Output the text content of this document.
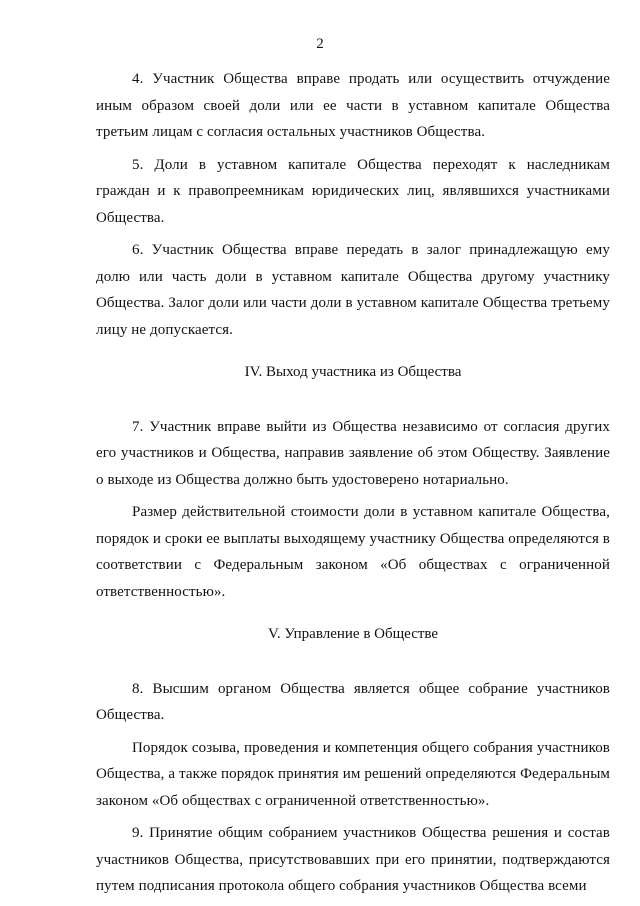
2

4. Участник Общества вправе продать или осуществить отчуждение иным образом своей доли или ее части в уставном капитале Общества третьим лицам с согласия остальных участников Общества.

5. Доли в уставном капитале Общества переходят к наследникам граждан и к правопреемникам юридических лиц, являвшихся участниками Общества.

6. Участник Общества вправе передать в залог принадлежащую ему долю или часть доли в уставном капитале Общества другому участнику Общества. Залог доли или части доли в уставном капитале Общества третьему лицу не допускается.

IV. Выход участника из Общества

7. Участник вправе выйти из Общества независимо от согласия других его участников и Общества, направив заявление об этом Обществу. Заявление о выходе из Общества должно быть удостоверено нотариально.

Размер действительной стоимости доли в уставном капитале Общества, порядок и сроки ее выплаты выходящему участнику Общества определяются в соответствии с Федеральным законом «Об обществах с ограниченной ответственностью».

V. Управление в Обществе

8. Высшим органом Общества является общее собрание участников Общества.

Порядок созыва, проведения и компетенция общего собрания участников Общества, а также порядок принятия им решений определяются Федеральным законом «Об обществах с ограниченной ответственностью».

9. Принятие общим собранием участников Общества решения и состав участников Общества, присутствовавших при его принятии, подтверждаются путем подписания протокола общего собрания участников Общества всеми
